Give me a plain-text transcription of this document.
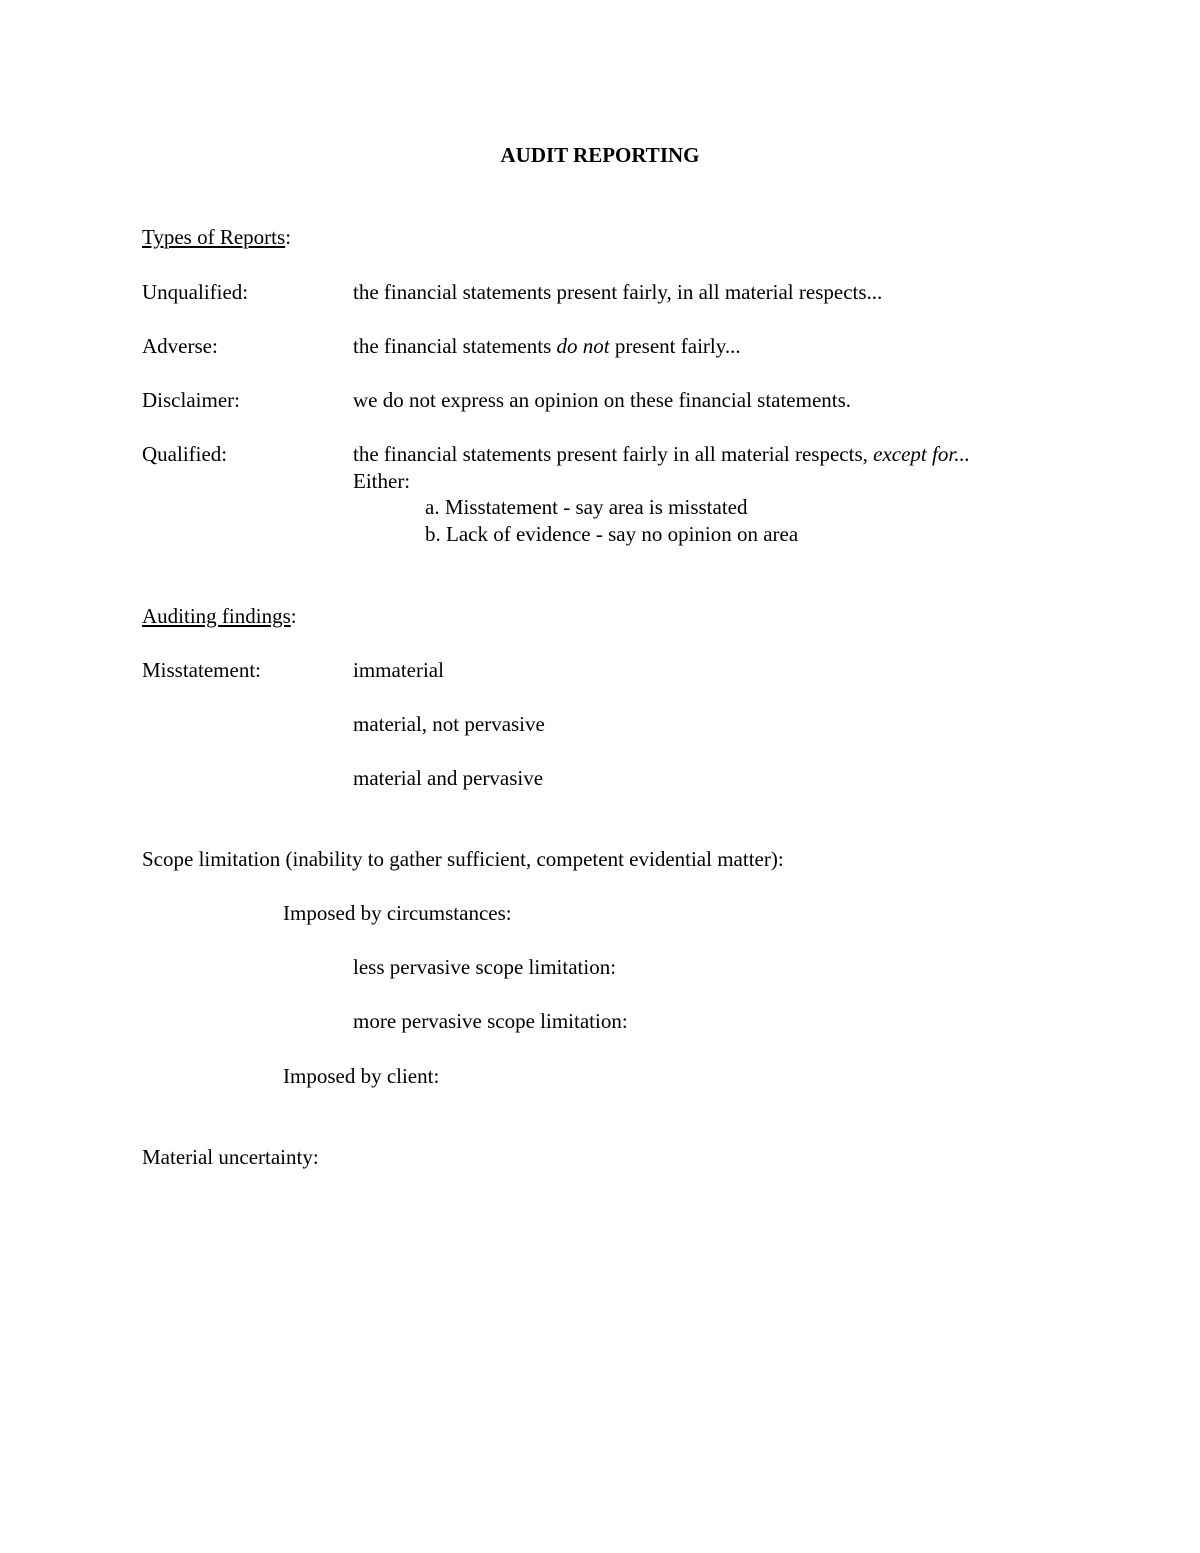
AUDIT REPORTING
Types of Reports:
Unqualified:	the financial statements present fairly, in all material respects...
Adverse:	the financial statements do not present fairly...
Disclaimer:	we do not express an opinion on these financial statements.
Qualified:	the financial statements present fairly in all material respects, except for...
Either:
a. Misstatement - say area is misstated
b. Lack of evidence - say no opinion on area
Auditing findings:
Misstatement:	immaterial
material, not pervasive
material and pervasive
Scope limitation (inability to gather sufficient, competent evidential matter):
Imposed by circumstances:
less pervasive scope limitation:
more pervasive scope limitation:
Imposed by client:
Material uncertainty:
